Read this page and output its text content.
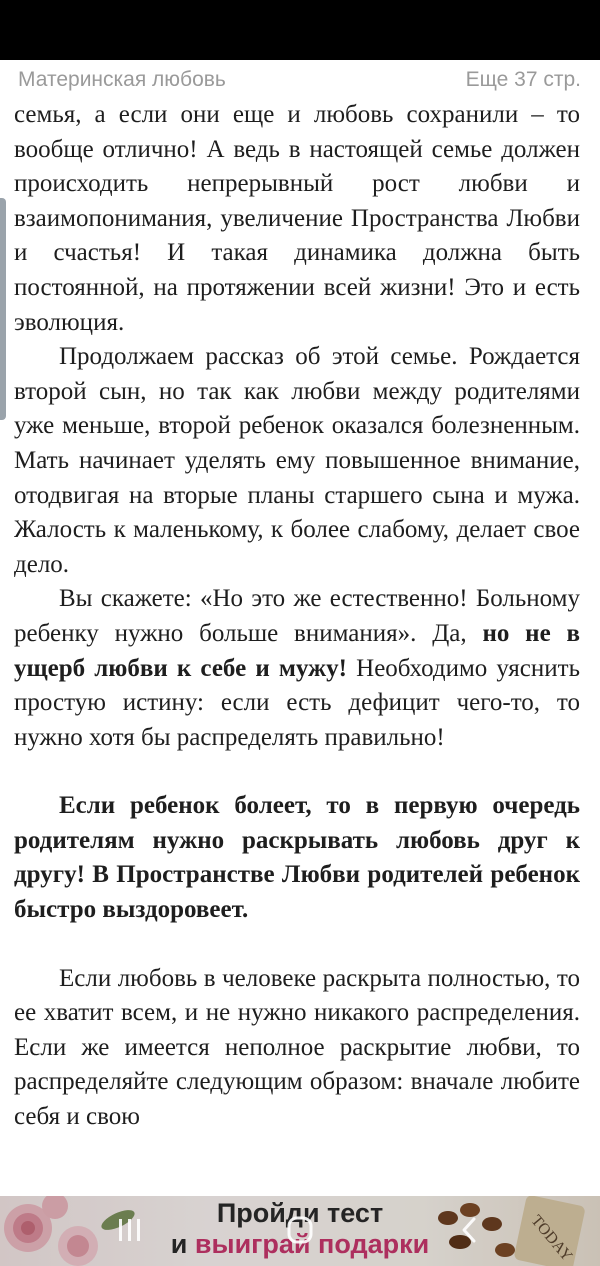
Материнская любовь	Еще 37 стр.

семья, а если они еще и любовь сохранили – то вообще отлично! А ведь в настоящей семье должен происходить непрерывный рост любви и взаимопонимания, увеличение Пространства Любви и счастья! И такая динамика должна быть постоянной, на протяжении всей жизни! Это и есть эволюция.

Продолжаем рассказ об этой семье. Рождается второй сын, но так как любви между родителями уже меньше, второй ребенок оказался болезненным. Мать начинает уделять ему повышенное внимание, отодвигая на вторые планы старшего сына и мужа. Жалость к маленькому, к более слабому, делает свое дело.

Вы скажете: «Но это же естественно! Больному ребенку нужно больше внимания». Да, но не в ущерб любви к себе и мужу! Необходимо уяснить простую истину: если есть дефицит чего-то, то нужно хотя бы распределять правильно!

Если ребенок болеет, то в первую очередь родителям нужно раскрывать любовь друг к другу! В Пространстве Любви родителей ребенок быстро выздоровеет.

Если любовь в человеке раскрыта полностью, то ее хватит всем, и не нужно никакого распределения. Если же имеется неполное раскрытие любви, то распределяйте следующим образом: вначале любите себя и свою

TODAY
Пройди тест
и выиграй подарки
